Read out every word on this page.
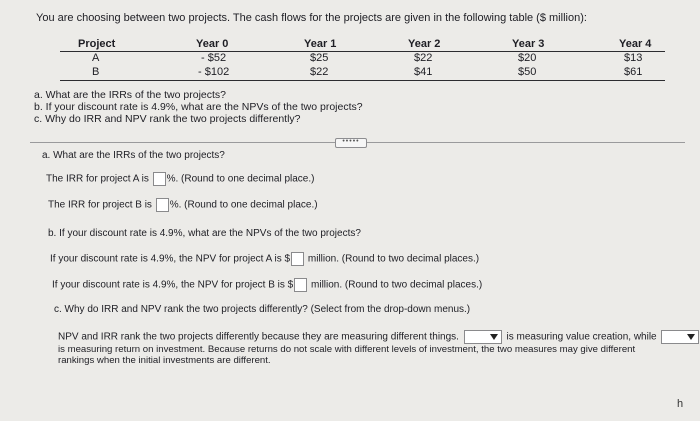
You are choosing between two projects. The cash flows for the projects are given in the following table ($ million):
Project	Year 0	Year 1	Year 2	Year 3	Year 4
A	- $52	$25	$22	$20	$13
B	- $102	$22	$41	$50	$61
a. What are the IRRs of the two projects?
b. If your discount rate is 4.9%, what are the NPVs of the two projects?
c. Why do IRR and NPV rank the two projects differently?
•••••
a. What are the IRRs of the two projects?
The IRR for project A is %. (Round to one decimal place.)
The IRR for project B is %. (Round to one decimal place.)
b. If your discount rate is 4.9%, what are the NPVs of the two projects?
If your discount rate is 4.9%, the NPV for project A is $ million. (Round to two decimal places.)
If your discount rate is 4.9%, the NPV for project B is $ million. (Round to two decimal places.)
c. Why do IRR and NPV rank the two projects differently? (Select from the drop-down menus.)
NPV and IRR rank the two projects differently because they are measuring different things.	is measuring value creation, while
is measuring return on investment. Because returns do not scale with different levels of investment, the two measures may give different
rankings when the initial investments are different.
h
